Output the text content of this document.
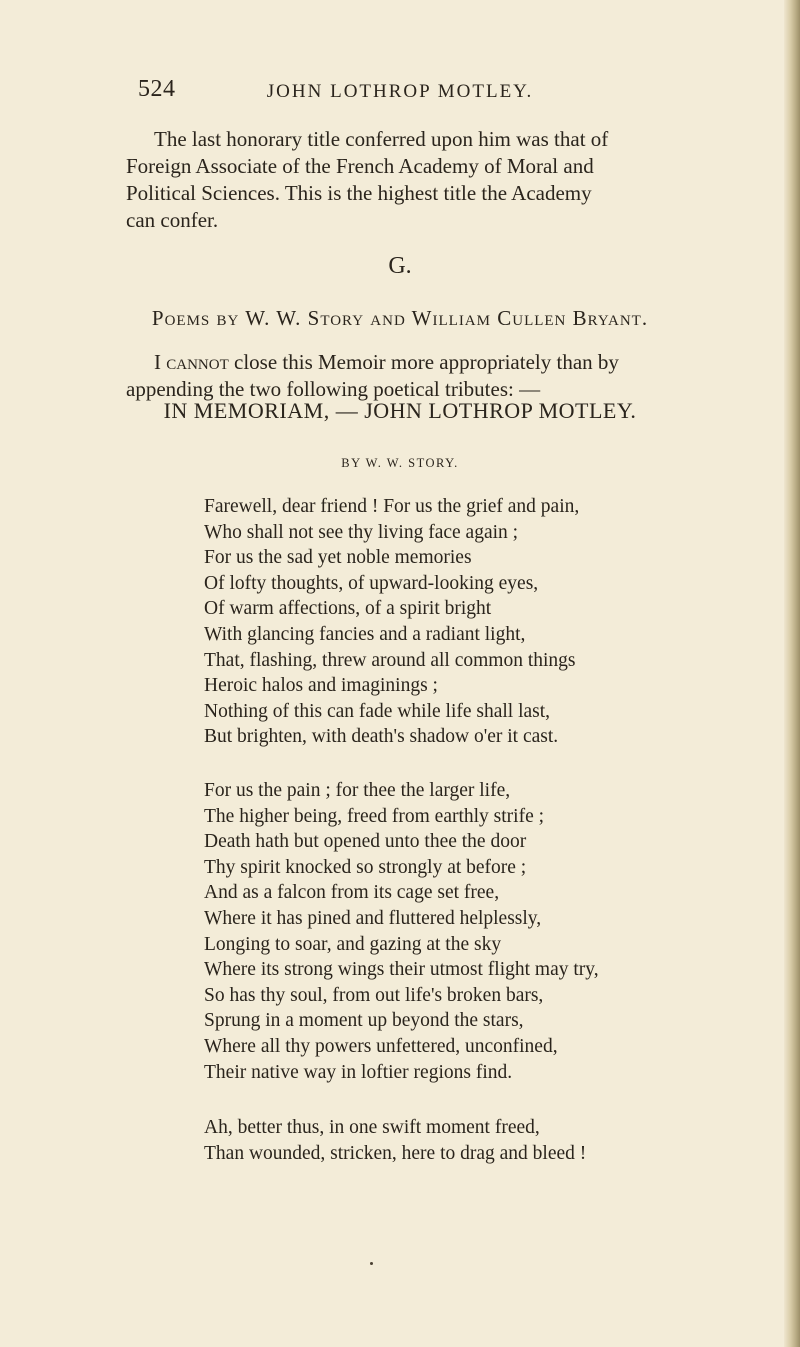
524	JOHN LOTHROP MOTLEY.
The last honorary title conferred upon him was that of
Foreign Associate of the French Academy of Moral and
Political Sciences. This is the highest title the Academy
can confer.
G.
Poems by W. W. Story and William Cullen Bryant.
I cannot close this Memoir more appropriately than by
appending the two following poetical tributes: —
IN MEMORIAM, — JOHN LOTHROP MOTLEY.
BY W. W. STORY.
Farewell, dear friend ! For us the grief and pain,
Who shall not see thy living face again ;
For us the sad yet noble memories
Of lofty thoughts, of upward-looking eyes,
Of warm affections, of a spirit bright
With glancing fancies and a radiant light,
That, flashing, threw around all common things
Heroic halos and imaginings ;
Nothing of this can fade while life shall last,
But brighten, with death's shadow o'er it cast.
For us the pain ; for thee the larger life,
The higher being, freed from earthly strife ;
Death hath but opened unto thee the door
Thy spirit knocked so strongly at before ;
And as a falcon from its cage set free,
Where it has pined and fluttered helplessly,
Longing to soar, and gazing at the sky
Where its strong wings their utmost flight may try,
So has thy soul, from out life's broken bars,
Sprung in a moment up beyond the stars,
Where all thy powers unfettered, unconfined,
Their native way in loftier regions find.
Ah, better thus, in one swift moment freed,
Than wounded, stricken, here to drag and bleed !
